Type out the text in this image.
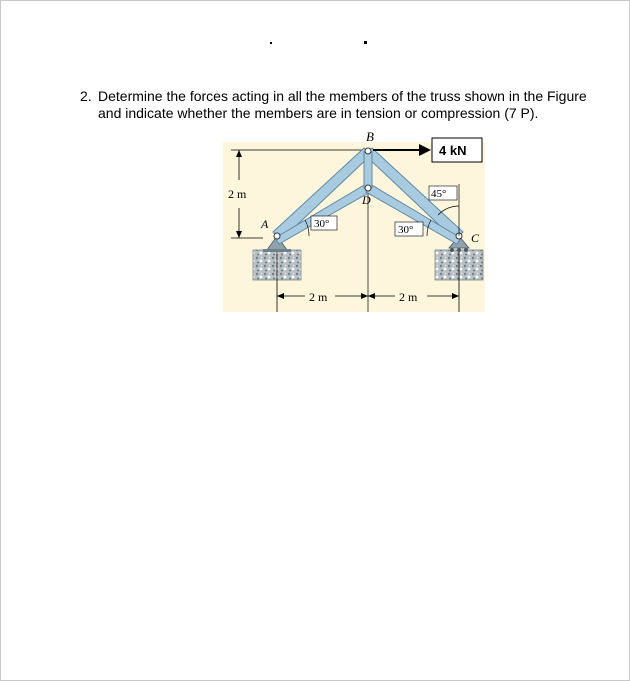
2. Determine the forces acting in all the members of the truss shown in the Figure
and indicate whether the members are in tension or compression (7 P).
2 m
4 kN
B
D
A
C
30°	30°
45°
2 m	2 m
